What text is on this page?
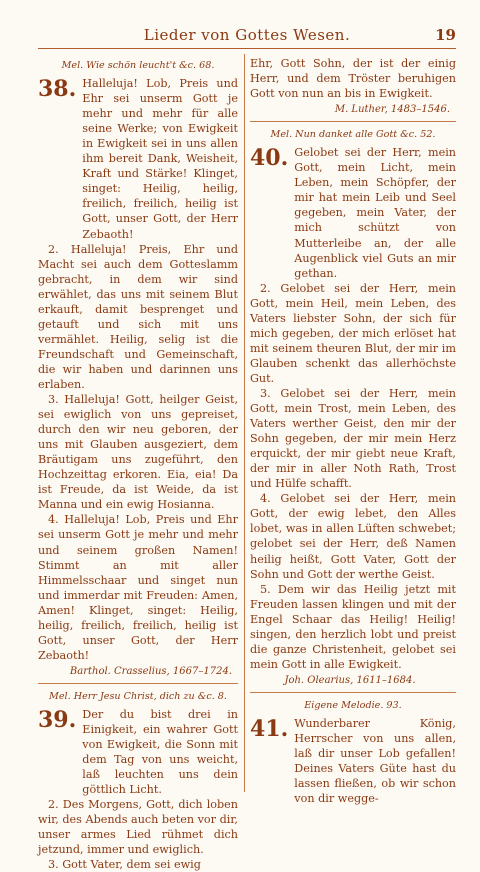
Lieder von Gottes Wesen.	19
Mel. Wie schön leucht't &c. 68.
38. Halleluja! Lob, Preis und Ehr sei unserm Gott je mehr und mehr für alle seine Werke; von Ewigkeit in Ewigkeit sei in uns allen ihm bereit Dank, Weisheit, Kraft und Stärke! Klinget, singet: Heilig, heilig, freilich, freilich, heilig ist Gott, unser Gott, der Herr Zebaoth!

2. Halleluja! Preis, Ehr und Macht sei auch dem Gotteslamm gebracht, in dem wir sind erwählet, das uns mit seinem Blut erkauft, damit besprenget und getauft und sich mit uns vermählet. Heilig, selig ist die Freundschaft und Gemeinschaft, die wir haben und darinnen uns erlaben.

3. Halleluja! Gott, heilger Geist, sei ewiglich von uns gepreiset, durch den wir neu geboren, der uns mit Glauben ausgeziert, dem Bräutigam uns zugeführt, den Hochzeittag erkoren. Eia, eia! Da ist Freude, da ist Weide, da ist Manna und ein ewig Hosianna.

4. Halleluja! Lob, Preis und Ehr sei unserm Gott je mehr und mehr und seinem großen Namen! Stimmt an mit aller Himmelsschaar und singet nun und immerdar mit Freuden: Amen, Amen! Klinget, singet: Heilig, heilig, freilich, freilich, heilig ist Gott, unser Gott, der Herr Zebaoth!

Barthol. Crasselius, 1667–1724.
Mel. Herr Jesu Christ, dich zu &c. 8.
39. Der du bist drei in Einigkeit, ein wahrer Gott von Ewigkeit, die Sonn mit dem Tag von uns weicht, laß leuchten uns dein göttlich Licht.

2. Des Morgens, Gott, dich loben wir, des Abends auch beten vor dir, unser armes Lied rühmet dich jetzund, immer und ewiglich.

3. Gott Vater, dem sei ewig

Ehr, Gott Sohn, der ist der einig Herr, und dem Tröster beruhigen Gott von nun an bis in Ewigkeit.

M. Luther, 1483–1546.
Mel. Nun danket alle Gott &c. 52.
40. Gelobet sei der Herr, mein Gott, mein Licht, mein Leben, mein Schöpfer, der mir hat mein Leib und Seel gegeben, mein Vater, der mich schützt von Mutterleibe an, der alle Augenblick viel Guts an mir gethan.

2. Gelobet sei der Herr, mein Gott, mein Heil, mein Leben, des Vaters liebster Sohn, der sich für mich gegeben, der mich erlöset hat mit seinem theuren Blut, der mir im Glauben schenkt das allerhöchste Gut.

3. Gelobet sei der Herr, mein Gott, mein Trost, mein Leben, des Vaters werther Geist, den mir der Sohn gegeben, der mir mein Herz erquickt, der mir giebt neue Kraft, der mir in aller Noth Rath, Trost und Hülfe schafft.

4. Gelobet sei der Herr, mein Gott, der ewig lebet, den Alles lobet, was in allen Lüften schwebet; gelobet sei der Herr, deß Namen heilig heißt, Gott Vater, Gott der Sohn und Gott der werthe Geist.

5. Dem wir das Heilig jetzt mit Freuden lassen klingen und mit der Engel Schaar das Heilig! Heilig! singen, den herzlich lobt und preist die ganze Christenheit, gelobet sei mein Gott in alle Ewigkeit.

Joh. Olearius, 1611–1684.
Eigene Melodie. 93.
41. Wunderbarer König, Herrscher von uns allen, laß dir unser Lob gefallen! Deines Vaters Güte hast du lassen fließen, ob wir schon von dir wegge-
